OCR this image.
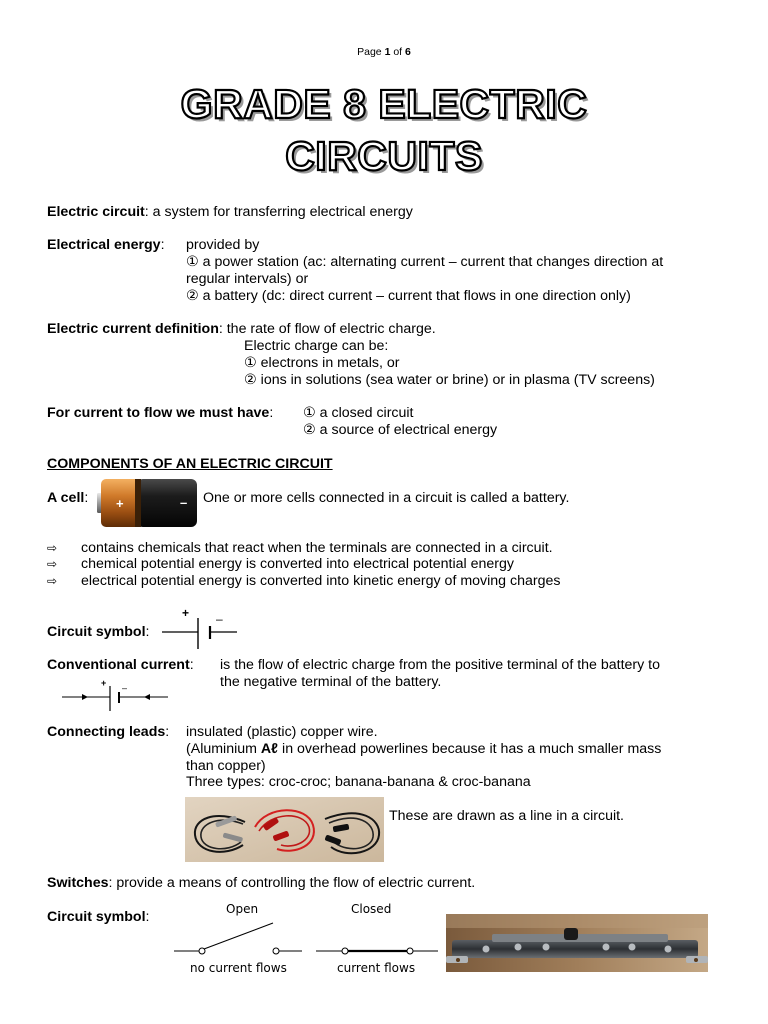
Page 1 of 6
GRADE 8 ELECTRIC
CIRCUITS
Electric circuit: a system for transferring electrical energy
Electrical energy: provided by
① a power station (ac: alternating current – current that changes direction at
regular intervals) or
② a battery (dc: direct current – current that flows in one direction only)
Electric current definition: the rate of flow of electric charge.
Electric charge can be:
① electrons in metals, or
② ions in solutions (sea water or brine) or in plasma (TV screens)
For current to flow we must have: ① a closed circuit
② a source of electrical energy
COMPONENTS OF AN ELECTRIC CIRCUIT
A cell: +	– One or more cells connected in a circuit is called a battery.
⇨ contains chemicals that react when the terminals are connected in a circuit.
⇨ chemical potential energy is converted into electrical potential energy
⇨ electrical potential energy is converted into kinetic energy of moving charges
Circuit symbol:
+ –
Conventional current: is the flow of electric charge from the positive terminal of the battery to
the negative terminal of the battery.
+ –
Connecting leads: insulated (plastic) copper wire.
(Aluminium Aℓ in overhead powerlines because it has a much smaller mass
than copper)
Three types: croc-croc; banana-banana & croc-banana
These are drawn as a line in a circuit.
Switches: provide a means of controlling the flow of electric current.
Circuit symbol:	Open
no current flows
Closed
current flows
